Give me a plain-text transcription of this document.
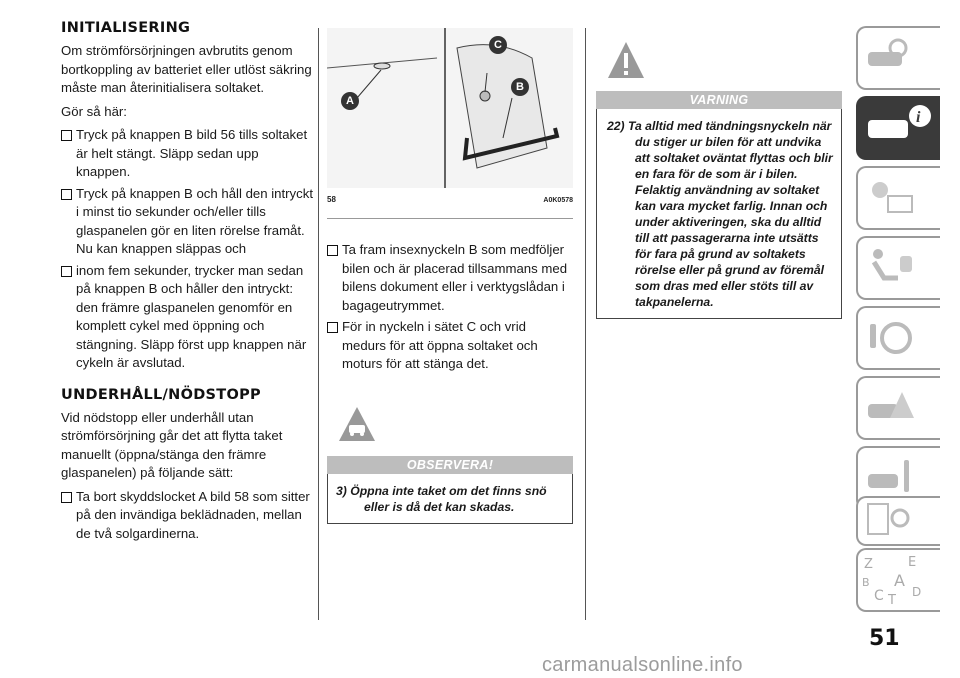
INITIALISERING

Om strömförsörjningen avbrutits genom bortkoppling av batteriet eller utlöst säkring måste man återinitialisera soltaket.

Gör så här:

Tryck på knappen B bild 56 tills soltaket är helt stängt. Släpp sedan upp knappen.
Tryck på knappen B och håll den intryckt i minst tio sekunder och/eller tills glaspanelen gör en liten rörelse framåt. Nu kan knappen släppas och
inom fem sekunder, trycker man sedan på knappen B och håller den intryckt: den främre glaspanelen genomför en komplett cykel med öppning och stängning. Släpp först upp knappen när cykeln är avslutad.
UNDERHÅLL/NÖDSTOPP

Vid nödstopp eller underhåll utan strömförsörjning går det att flytta taket manuellt (öppna/stänga den främre glaspanelen) på följande sätt:

Ta bort skyddslocket A bild 58 som sitter på den invändiga beklädnaden, mellan de två solgardinerna.
A
B
C
58	A0K0578
Ta fram insexnyckeln B som medföljer bilen och är placerad tillsammans med bilens dokument eller i verktygslådan i bagageutrymmet.
För in nyckeln i sätet C och vrid medurs för att öppna soltaket och moturs för att stänga det.
OBSERVERA!

3) Öppna inte taket om det finns snö eller is då det kan skadas.

VARNING

22) Ta alltid med tändningsnyckeln när du stiger ur bilen för att undvika att soltaket oväntat flyttas och blir en fara för de som är i bilen. Felaktig användning av soltaket kan vara mycket farlig. Innan och under aktiveringen, ska du alltid till att passagerarna inte utsätts för fara på grund av soltakets rörelse eller på grund av föremål som dras med eller stöts till av takpanelerna.

i
Z	E
B A
C T
D
51
carmanualsonline.info
